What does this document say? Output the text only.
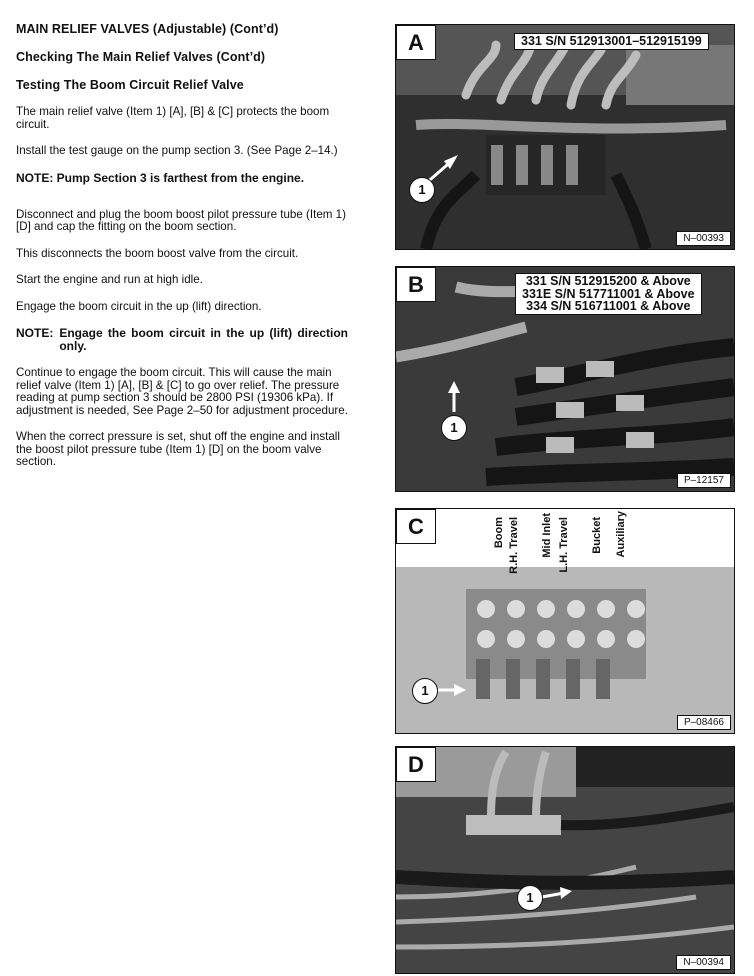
MAIN RELIEF VALVES (Adjustable) (Cont’d)
Checking The Main Relief Valves (Cont’d)
Testing The Boom Circuit Relief Valve
The main relief valve (Item 1) [A], [B] & [C] protects the boom circuit.
Install the test gauge on the pump section 3. (See Page 2–14.)
NOTE: Pump Section 3 is farthest from the engine.
Disconnect and plug the boom boost pilot pressure tube (Item 1) [D] and cap the fitting on the boom section.
This disconnects the boom boost valve from the circuit.
Start the engine and run at high idle.
Engage the boom circuit in the up (lift) direction.
NOTE: Engage the boom circuit in the up (lift) direction only.
Continue to engage the boom circuit. This will cause the main relief valve (Item 1) [A], [B] & [C] to go over relief. The pressure reading at pump section 3 should be 2800 PSI (19306 kPa). If adjustment is needed, See Page 2–50 for adjustment procedure.
When the correct pressure is set, shut off the engine and install the boost pilot pressure tube (Item 1) [D] on the boom valve section.
A	331 S/N 512913001–512915199
1
N–00393
B	331 S/N 512915200 & Above
331E S/N 517711001 & Above
334 S/N 516711001 & Above
1
P–12157
C	Boom R.H. Travel	Mid Inlet L.H. Travel	Bucket Auxiliary
1
P–08466
D
1
N–00394
